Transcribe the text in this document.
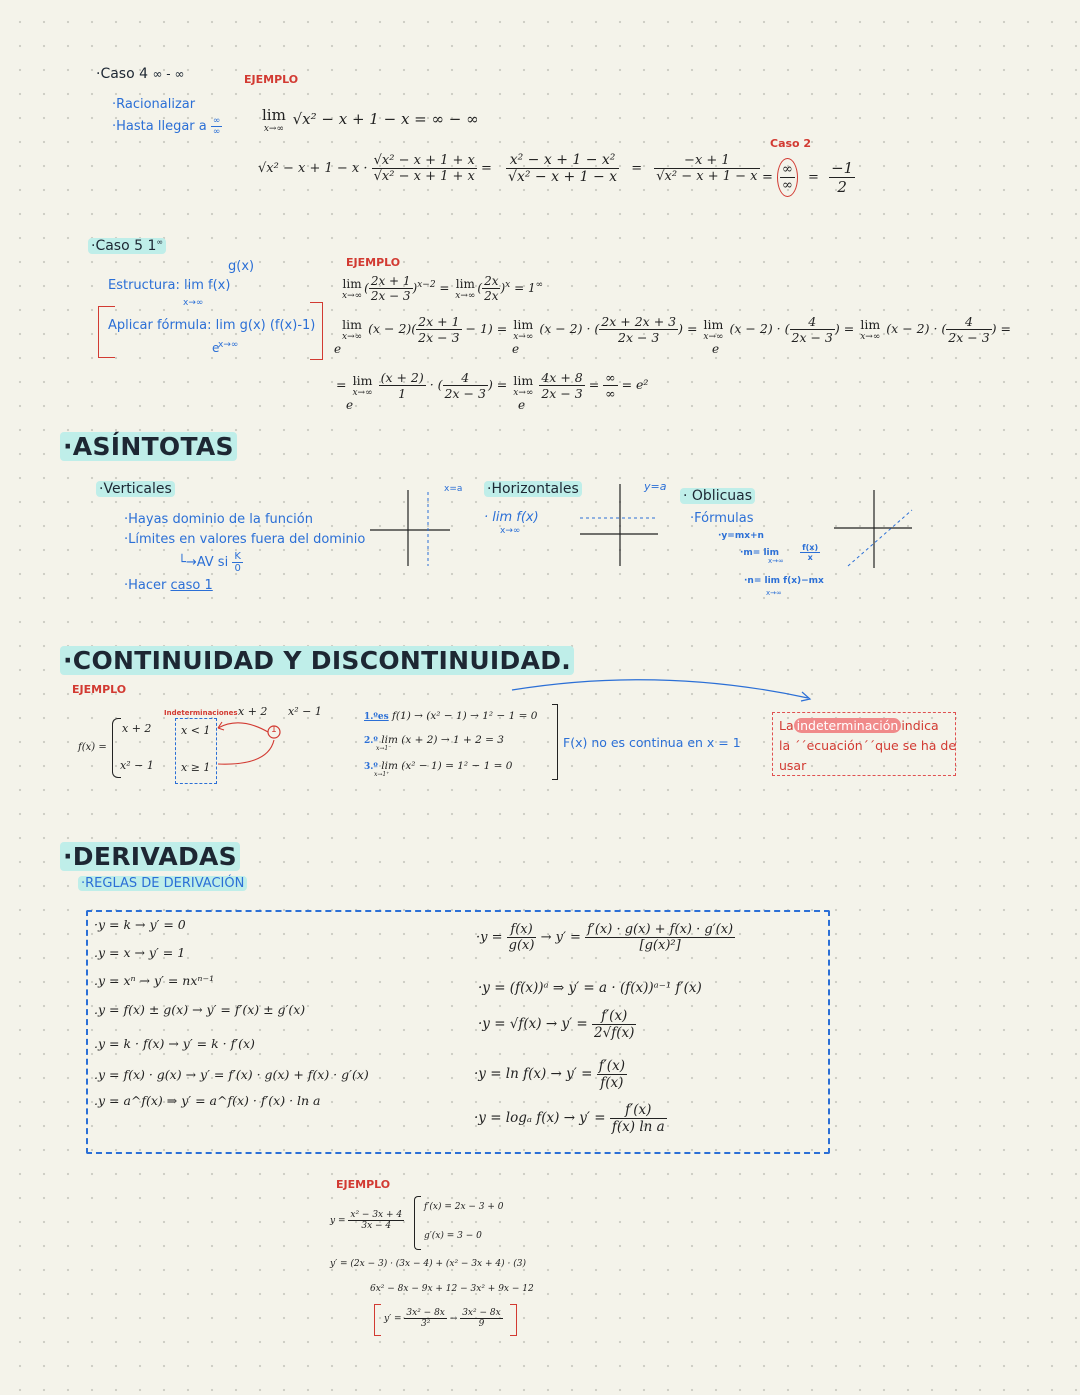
·Caso 4 ∞ - ∞
·Racionalizar
·Hasta llegar a $\frac{\infty}{\infty}$
EJEMPLO
lim
x→∞
√x² − x + 1 − x = ∞ − ∞
$√x^2 - x + 1 - x \cdot \frac{\text{√x² − x + 1 + x}}{\text{√x² − x + 1 + x}} = \frac{\text{x² − x + 1 − x²}}{\text{√x² − x + 1 − x}} = \frac{-x + 1}{\text{√x² − x + 1 − x}}$
Caso 2
= $\frac{\infty}{\infty} = \frac{-1}{2}$
·Caso 5 1∞
g(x)
Estructura: lim f(x)
x→∞
Aplicar fórmula: lim g(x) (f(x)-1)
e
x→∞
EJEMPLO
lim
x→∞
( $\frac{2x + 1}{2x - 3} )^{x-2} = \lim$
x→∞
( $\frac{2x}{2x} )^x = 1^\infty$
lim
x→∞
$(x - 2)( \frac{2x + 1}{2x - 3} - 1) = \lim$
x→∞
(x − 2) · ( $\frac{2x + 2x + 3}{2x - 3}$ ) = lim
x→∞
(x − 2) · ( $\frac{4}{2x - 3}$ ) = lim
x→∞
(x − 2) · ( $\frac{4}{2x - 3}$ ) =
e	e	e
= lim
x→∞
$\frac{(x + 2)}{1}$ · ( $\frac{4}{2x - 3}$ ) = lim
x→∞
$\frac{4x + 8}{2x - 3} = \frac{\infty}{\infty} = e^2$
e	e
·ASÍNTOTAS
·Verticales
·Hayas dominio de la función
·Límites en valores fuera del dominio
└→AV si $\frac{K}{0}$
·Hacer caso 1
x=a ·Horizontales
· lim f(x)
x→∞
y=a
· Oblicuas
·Fórmulas
·y=mx+n
·m= lim	$\frac{f(x)}{x}$
x→∞
·n= lim f(x)−mx
x→∞
·CONTINUIDAD Y DISCONTINUIDAD.
EJEMPLO
f(x) =
x + 2
x² − 1
Indeterminaciones x + 2 x² − 1
x < 1
x ≥ 1
1
1.ºes f(1) → (x² − 1) → 1² − 1 = 0
2.º lim (x + 2) → 1 + 2 = 3
x→1⁻
3.º lim (x² − 1) = 1² − 1 = 0
x→1⁺
F(x) no es continua en x = 1
La indeterminación indica
la ´´ecuación´´que se ha de
usar
·DERIVADAS
·REGLAS DE DERIVACIÓN
·y = k → y′ = 0
.y = x → y′ = 1
.y = xⁿ → y′ = nxⁿ⁻¹
.y = f(x) ± g(x) → y′ = f′(x) ± g′(x)
.y = k · f(x) → y′ = k · f′(x)
.y = f(x) · g(x) → y′ = f′(x) · g(x) + f(x) · g′(x)
.y = a^f(x) ⇒ y′ = a^f(x) · f′(x) · ln a
$\cdot y = \frac{f(x)}{g(x)} \to y' = \frac{f'(x) \cdot g(x) + f(x) \cdot g'(x)}{\text{[g(x)²]}}$
·y = (f(x))ᵃ ⇒ y′ = a · (f(x))ᵃ⁻¹ f′(x)
$\cdot y = √f(x) \to y' = \frac{f'(x)}{2√f(x)}$
$\cdot y = \ln f(x) \to y' = \frac{f'(x)}{f(x)}$
·y = logₐ $f(x) \to y' = \frac{f'(x)}{\text{f(x) ln a}}$
EJEMPLO
$y = \frac{\text{x² − 3x + 4}}{3x - 4}$
f′(x) = 2x − 3 + 0
g′(x) = 3 − 0
y′ = (2x − 3) · (3x − 4) + (x² − 3x + 4) · (3)
6x² − 8x − 9x + 12 − 3x² + 9x − 12
$y' = \frac{\text{3x² − 8x}}{\text{3²}} \to \frac{\text{3x² − 8x}}{9}$
